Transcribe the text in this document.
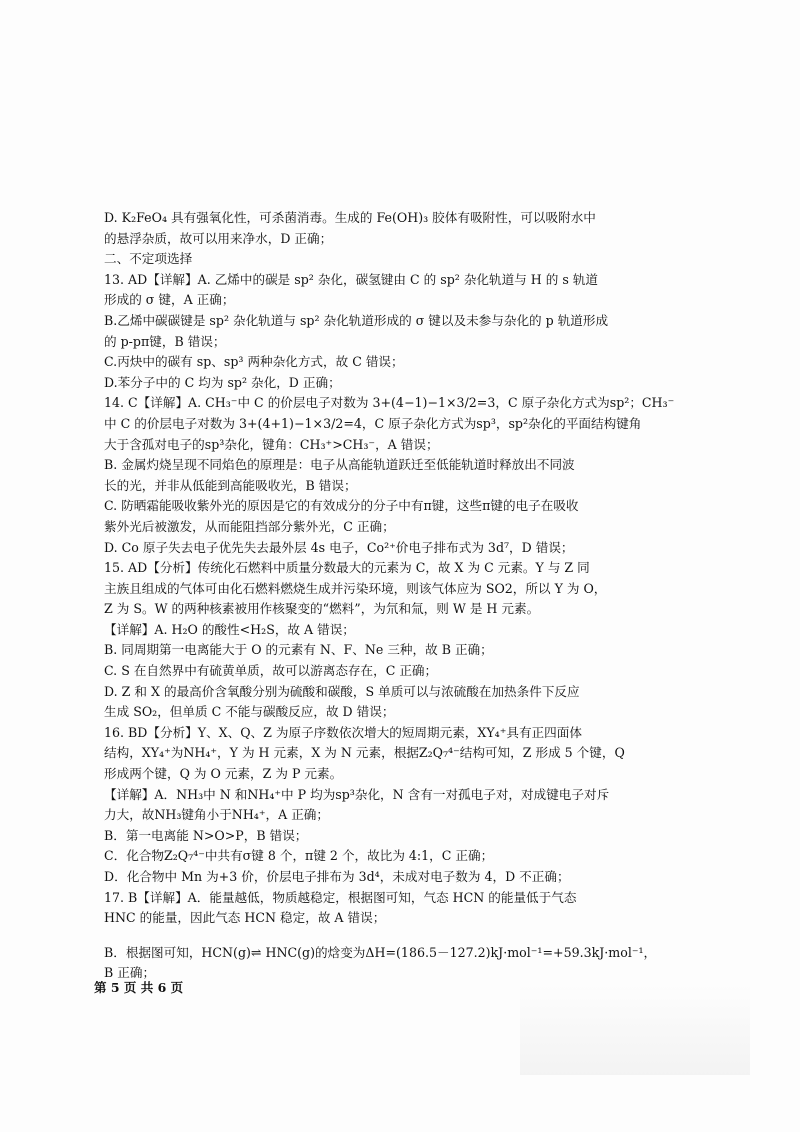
D. K₂FeO₄ 具有强氧化性，可杀菌消毒。生成的 Fe(OH)₃ 胶体有吸附性，可以吸附水中
的悬浮杂质，故可以用来净水，D 正确；
二、不定项选择
13. AD【详解】A. 乙烯中的碳是 sp² 杂化，碳氢键由 C 的 sp² 杂化轨道与 H 的 s 轨道
形成的 σ 键，A 正确；
B.乙烯中碳碳键是 sp² 杂化轨道与 sp² 杂化轨道形成的 σ 键以及未参与杂化的 p 轨道形成
的 p-pπ键，B 错误；
C.丙炔中的碳有 sp、sp³ 两种杂化方式，故 C 错误；
D.苯分子中的 C 均为 sp² 杂化，D 正确；
14. C【详解】A. CH₃⁻中 C 的价层电子对数为 3+(4−1)−1×3/2=3，C 原子杂化方式为sp²；CH₃⁻
中 C 的价层电子对数为 3+(4+1)−1×3/2=4，C 原子杂化方式为sp³，sp²杂化的平面结构键角
大于含孤对电子的sp³杂化，键角：CH₃⁺>CH₃⁻，A 错误；
B. 金属灼烧呈现不同焰色的原理是：电子从高能轨道跃迁至低能轨道时释放出不同波
长的光，并非从低能到高能吸收光，B 错误；
C. 防晒霜能吸收紫外光的原因是它的有效成分的分子中有π键，这些π键的电子在吸收
紫外光后被激发，从而能阻挡部分紫外光，C 正确；
D. Co 原子失去电子优先失去最外层 4s 电子，Co²⁺价电子排布式为 3d⁷，D 错误；
15. AD【分析】传统化石燃料中质量分数最大的元素为 C，故 X 为 C 元素。Y 与 Z 同
主族且组成的气体可由化石燃料燃烧生成并污染环境，则该气体应为 SO2，所以 Y 为 O，
Z 为 S。W 的两种核素被用作核聚变的“燃料”，为氘和氚，则 W 是 H 元素。
【详解】A. H₂O 的酸性<H₂S，故 A 错误；
B. 同周期第一电离能大于 O 的元素有 N、F、Ne 三种，故 B 正确；
C. S 在自然界中有硫黄单质，故可以游离态存在，C 正确；
D. Z 和 X 的最高价含氧酸分别为硫酸和碳酸，S 单质可以与浓硫酸在加热条件下反应
生成 SO₂，但单质 C 不能与碳酸反应，故 D 错误；
16. BD【分析】Y、X、Q、Z 为原子序数依次增大的短周期元素，XY₄⁺具有正四面体
结构，XY₄⁺为NH₄⁺，Y 为 H 元素，X 为 N 元素，根据Z₂Q₇⁴⁻结构可知，Z 形成 5 个键，Q
形成两个键，Q 为 O 元素，Z 为 P 元素。
【详解】A．NH₃中 N 和NH₄⁺中 P 均为sp³杂化，N 含有一对孤电子对，对成键电子对斥
力大，故NH₃键角小于NH₄⁺，A 正确；
B．第一电离能 N>O>P，B 错误；
C．化合物Z₂Q₇⁴⁻中共有σ键 8 个，π键 2 个，故比为 4:1，C 正确；
D．化合物中 Mn 为+3 价，价层电子排布为 3d⁴，未成对电子数为 4，D 不正确；
17. B【详解】A．能量越低，物质越稳定，根据图可知，气态 HCN 的能量低于气态
HNC 的能量，因此气态 HCN 稳定，故 A 错误；
B．根据图可知，HCN(g)⇌ HNC(g)的焓变为ΔH=(186.5－127.2)kJ·mol⁻¹=+59.3kJ·mol⁻¹，
B 正确；
第 5 页 共 6 页
